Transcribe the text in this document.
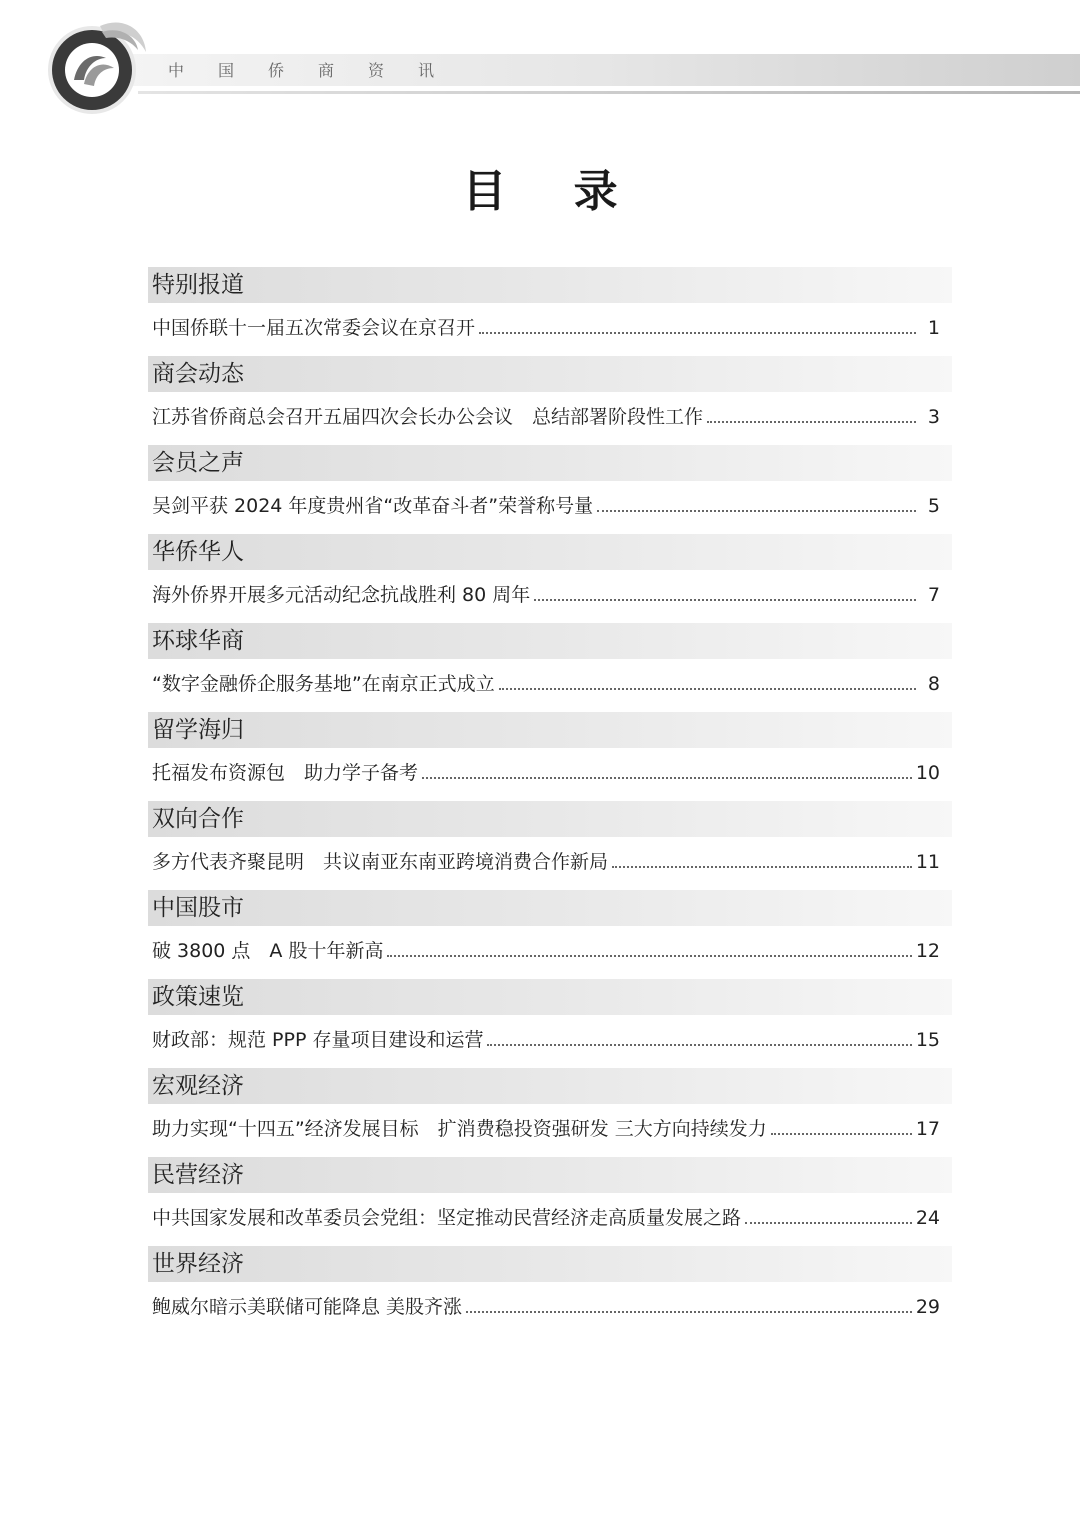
中	国	侨	商	资	讯
目 录
特别报道
中国侨联十一届五次常委会议在京召开	1
商会动态
江苏省侨商总会召开五届四次会长办公会议　总结部署阶段性工作	3
会员之声
吴剑平获 2024 年度贵州省“改革奋斗者”荣誉称号量	5
华侨华人
海外侨界开展多元活动纪念抗战胜利 80 周年	7
环球华商
“数字金融侨企服务基地”在南京正式成立	8
留学海归
托福发布资源包　助力学子备考	10
双向合作
多方代表齐聚昆明　共议南亚东南亚跨境消费合作新局	11
中国股市
破 3800 点　A 股十年新高	12
政策速览
财政部：规范 PPP 存量项目建设和运营	15
宏观经济
助力实现“十四五”经济发展目标　扩消费稳投资强研发 三大方向持续发力	17
民营经济
中共国家发展和改革委员会党组：坚定推动民营经济走高质量发展之路	24
世界经济
鲍威尔暗示美联储可能降息 美股齐涨	29
